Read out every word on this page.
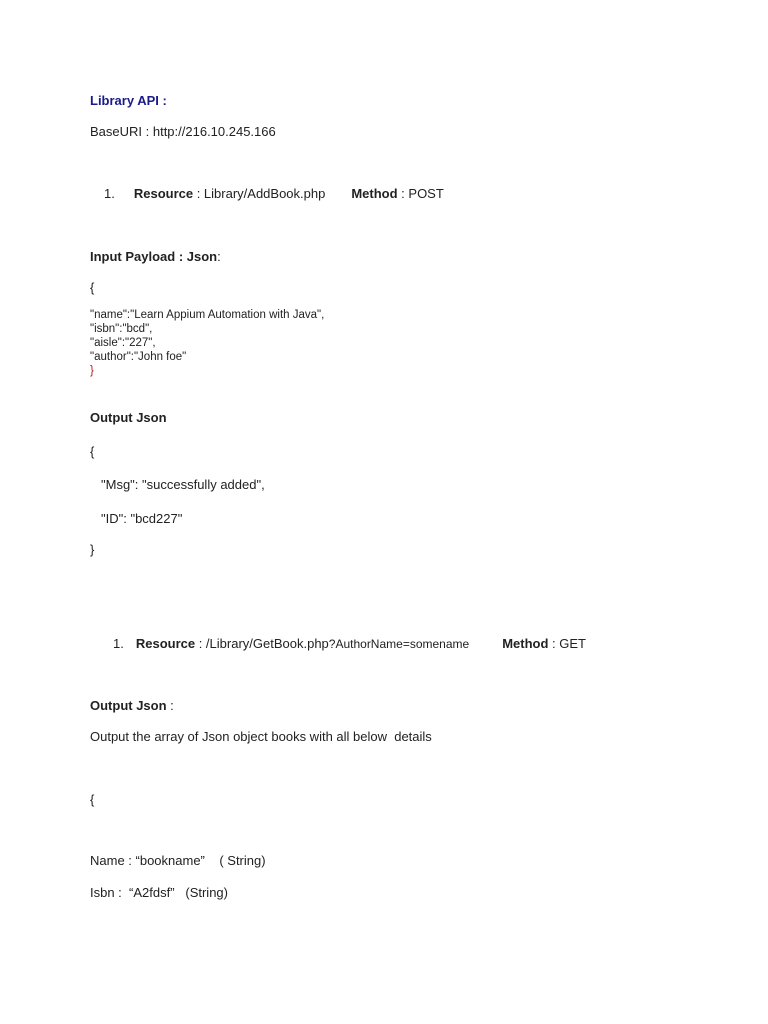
Library API :
BaseURI : http://216.10.245.166
1. Resource : Library/AddBook.php Method : POST
Input Payload : Json:
{
"name":"Learn Appium Automation with Java",
"isbn":"bcd",
"aisle":"227",
"author":"John foe"
}
Output Json
{
"Msg": "successfully added",
"ID": "bcd227"
}
1. Resource : /Library/GetBook.php?AuthorName=somename	Method : GET
Output Json :
Output the array of Json object books with all below  details
{
Name : “bookname”    ( String)
Isbn :  “A2fdsf”   (String)
